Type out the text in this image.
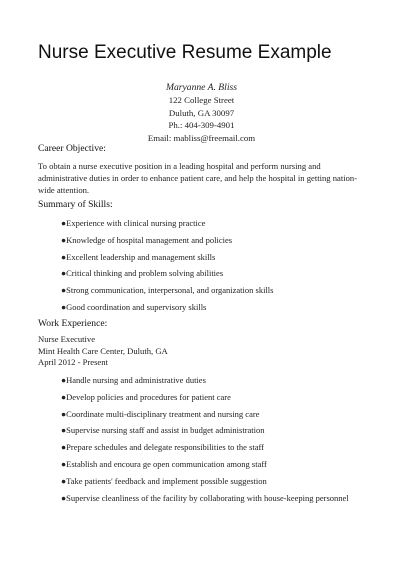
Nurse Executive Resume Example
Maryanne A. Bliss
122 College Street
Duluth, GA 30097
Ph.: 404-309-4901
Email: mabliss@freemail.com
Career Objective:

To obtain a nurse executive position in a leading hospital and perform nursing and administrative duties in order to enhance patient care, and help the hospital in getting nation-wide attention.

Summary of Skills:
●Experience with clinical nursing practice
●Knowledge of hospital management and policies
●Excellent leadership and management skills
●Critical thinking and problem solving abilities
●Strong communication, interpersonal, and organization skills
●Good coordination and supervisory skills
Work Experience:
Nurse Executive
Mint Health Care Center, Duluth, GA
April 2012 - Present
●Handle nursing and administrative duties
●Develop policies and procedures for patient care
●Coordinate multi-disciplinary treatment and nursing care
●Supervise nursing staff and assist in budget administration
●Prepare schedules and delegate responsibilities to the staff
●Establish and encoura ge open communication among staff
●Take patients' feedback and implement possible suggestion
●Supervise cleanliness of the facility by collaborating with house-keeping personnel
